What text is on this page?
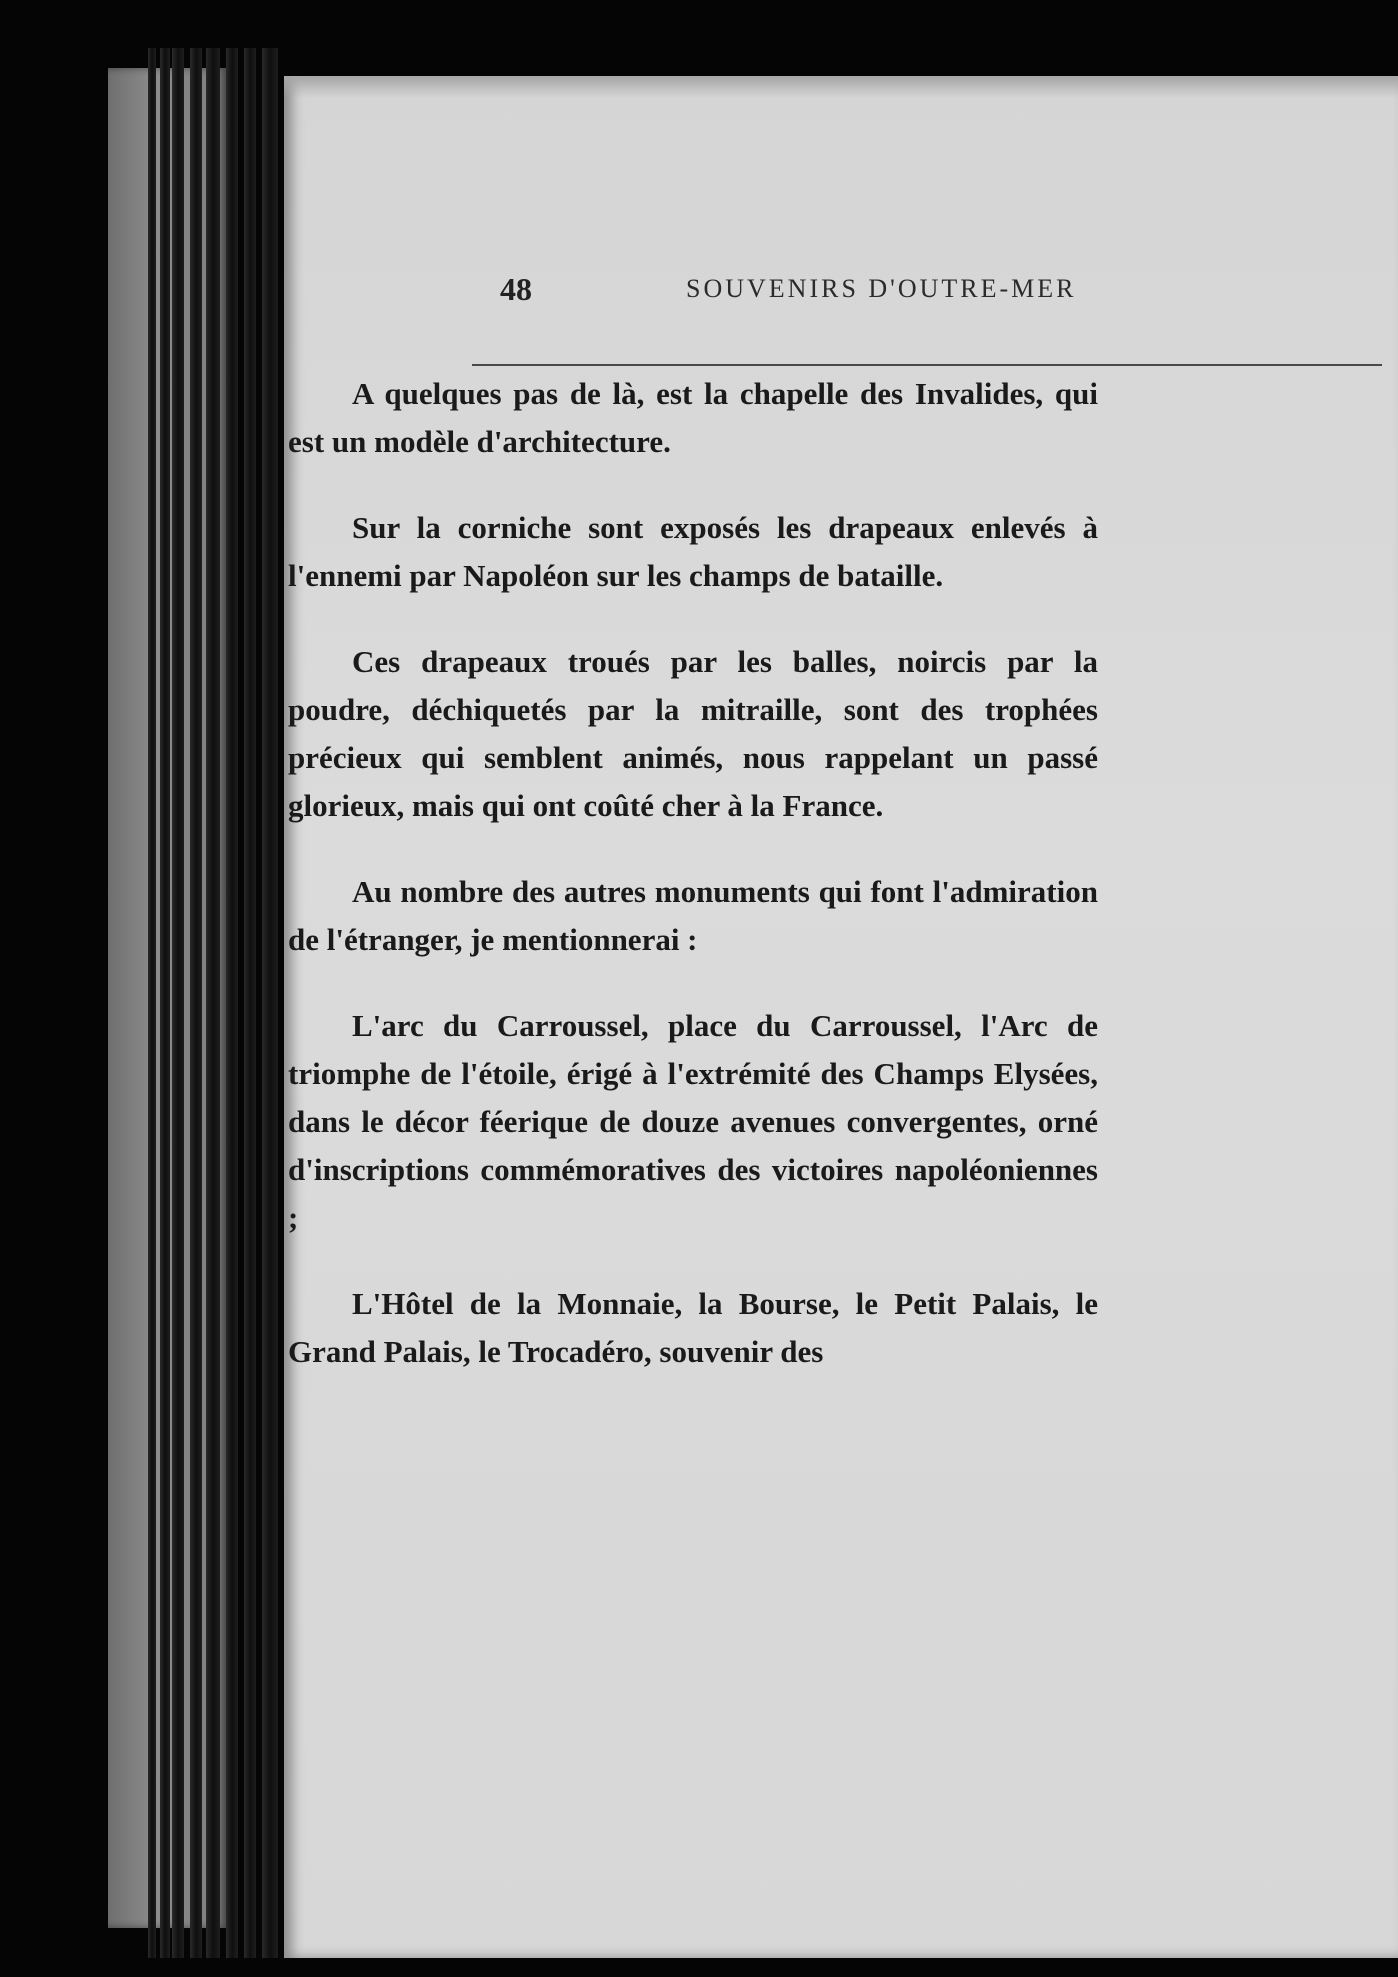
48	SOUVENIRS D'OUTRE-MER

A quelques pas de là, est la chapelle des Invalides, qui est un modèle d'architecture.

Sur la corniche sont exposés les drapeaux enlevés à l'ennemi par Napoléon sur les champs de bataille.

Ces drapeaux troués par les balles, noircis par la poudre, déchiquetés par la mitraille, sont des trophées précieux qui semblent animés, nous rappelant un passé glorieux, mais qui ont coûté cher à la France.

Au nombre des autres monuments qui font l'admiration de l'étranger, je mentionnerai :

L'arc du Carroussel, place du Carroussel, l'Arc de triomphe de l'étoile, érigé à l'extrémité des Champs Elysées, dans le décor féerique de douze avenues convergentes, orné d'inscriptions commémoratives des victoires napoléoniennes ;

L'Hôtel de la Monnaie, la Bourse, le Petit Palais, le Grand Palais, le Trocadéro, souvenir des
